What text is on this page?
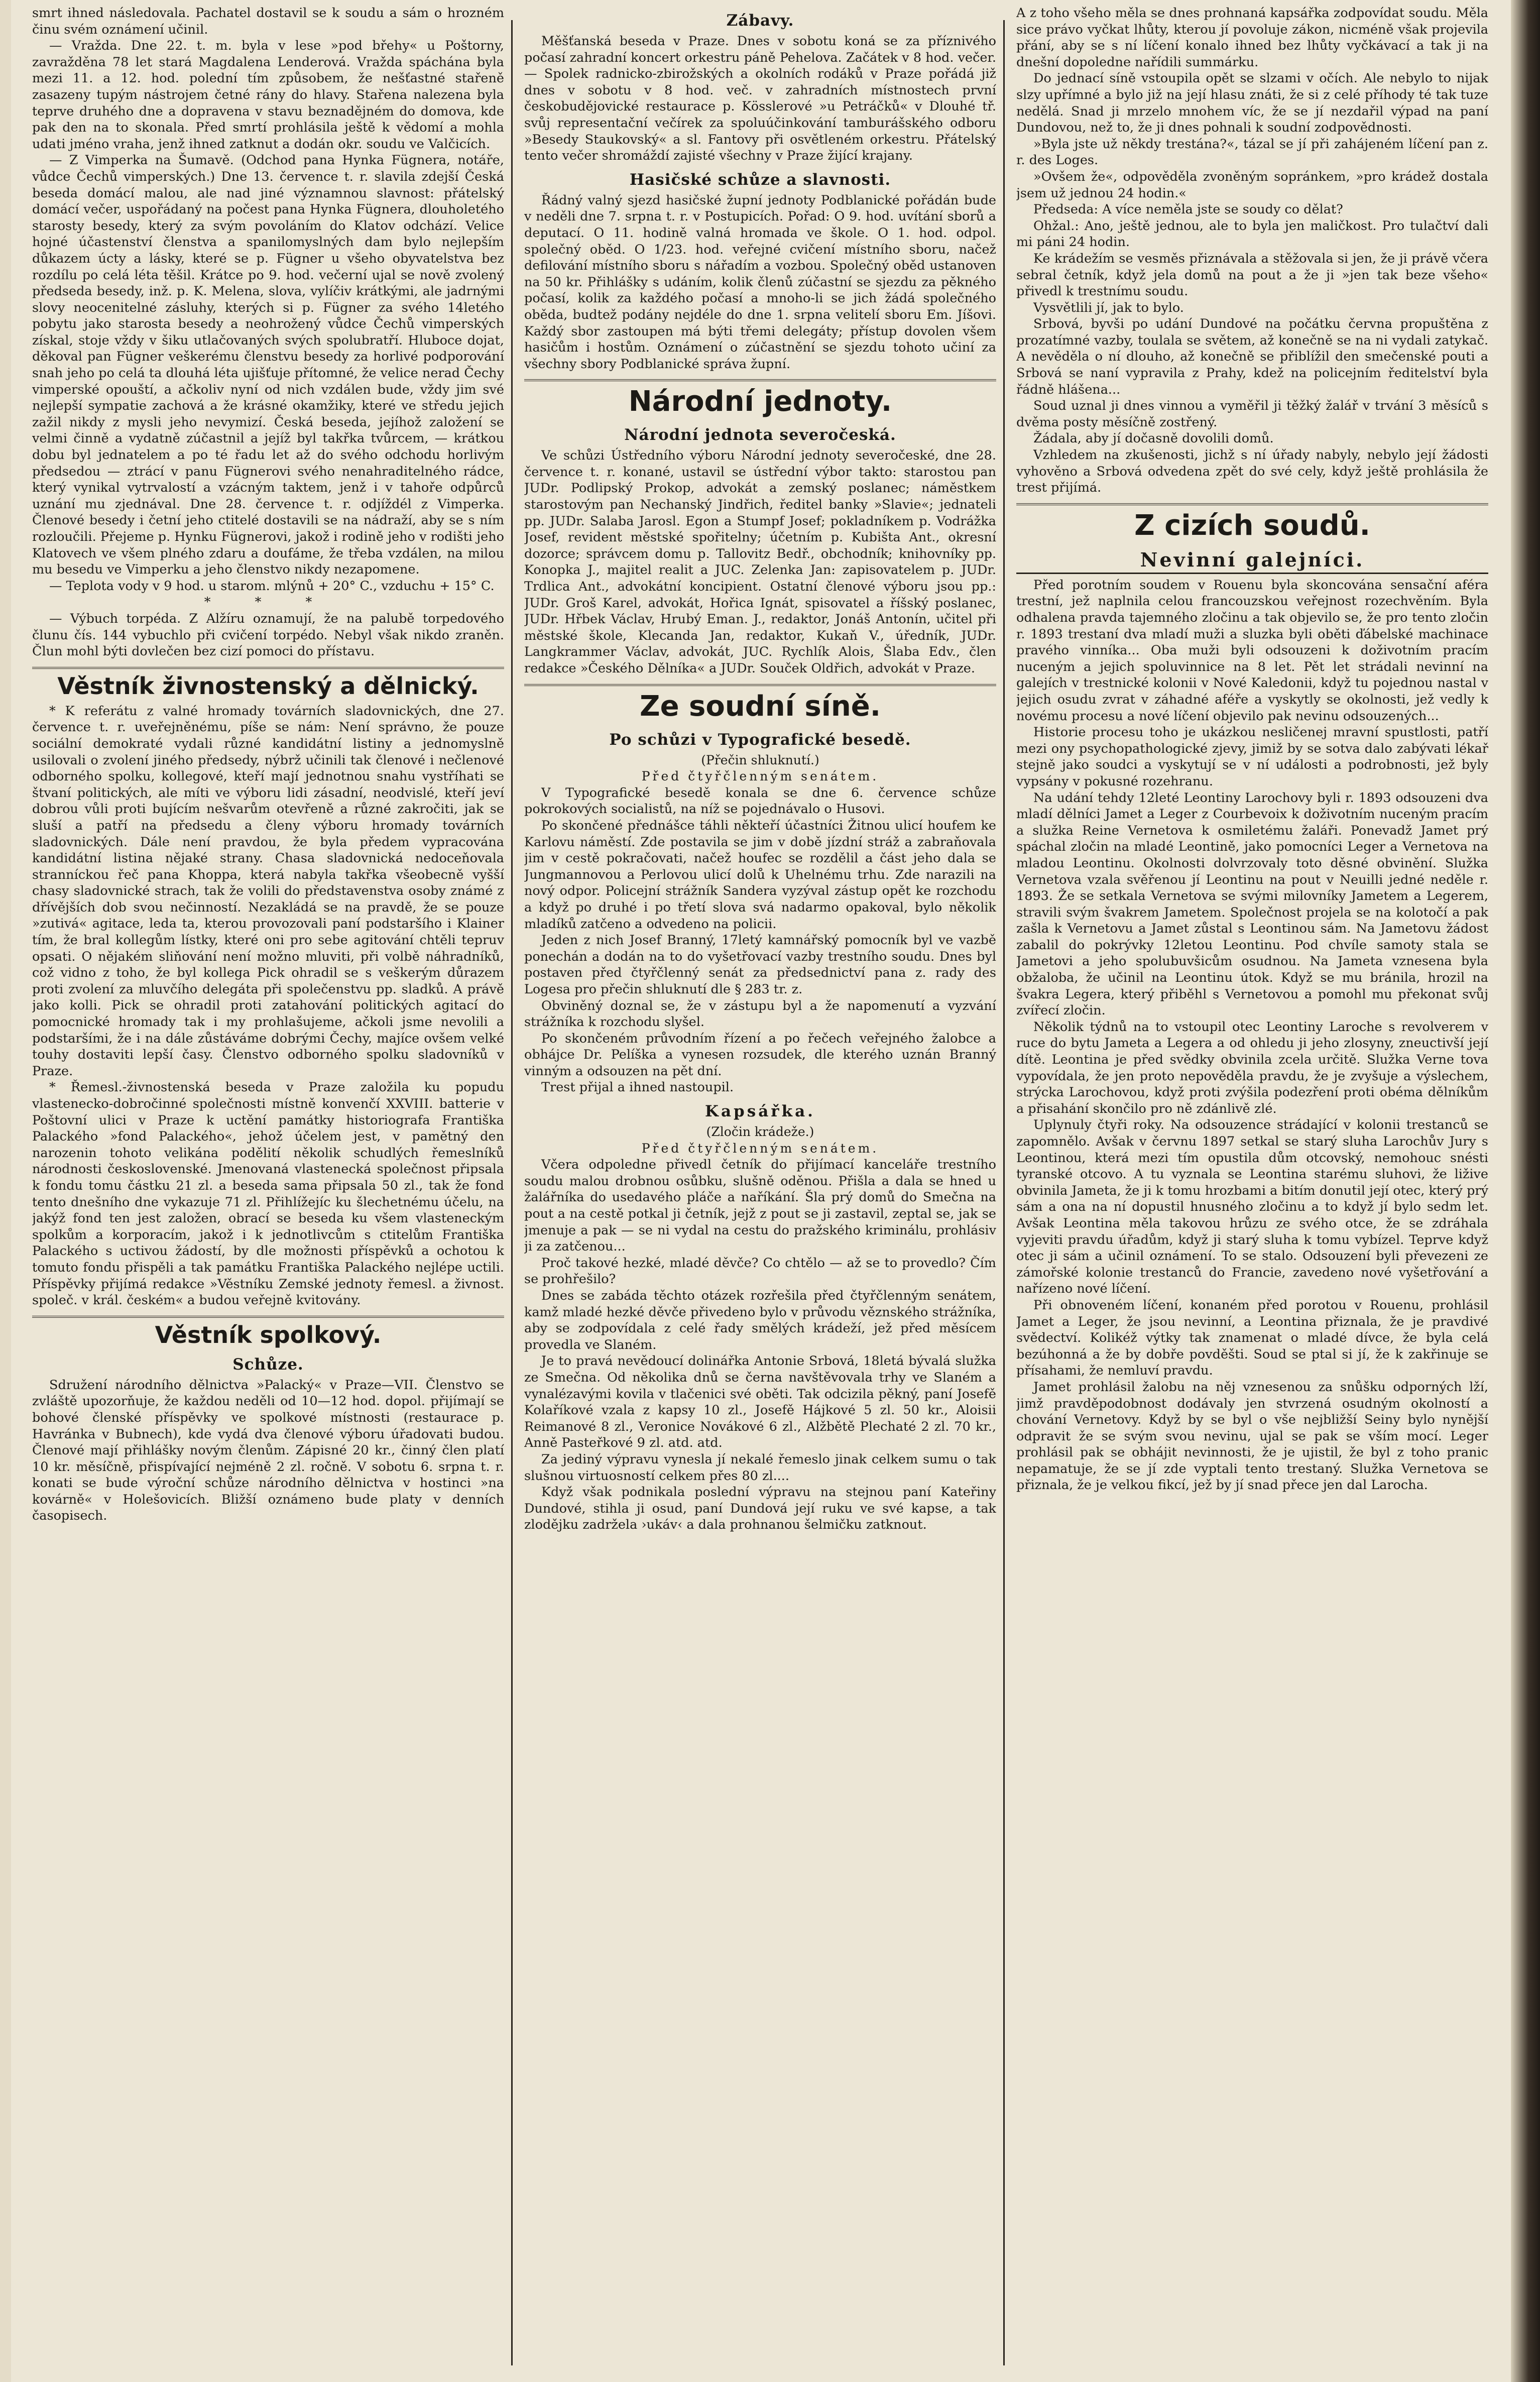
smrt ihned následovala. Pachatel dostavil se k soudu a sám o hrozném činu svém oznámení učinil.

— Vražda. Dne 22. t. m. byla v lese »pod břehy« u Poštorny, zavražděna 78 let stará Magdalena Lenderová. Vražda spáchána byla mezi 11. a 12. hod. polední tím způsobem, že nešťastné stařeně zasazeny tupým nástrojem četné rány do hlavy. Stařena nalezena byla teprve druhého dne a dopravena v stavu beznadějném do domova, kde pak den na to skonala. Před smrtí prohlásila ještě k vědomí a mohla udati jméno vraha, jenž ihned zatknut a dodán okr. soudu ve Valčicích.

— Z Vimperka na Šumavě. (Odchod pana Hynka Fügnera, notáře, vůdce Čechů vimperských.) Dne 13. července t. r. slavila zdejší Česká beseda domácí malou, ale nad jiné významnou slavnost: přátelský domácí večer, uspořádaný na počest pana Hynka Fügnera, dlouholetého starosty besedy, který za svým povoláním do Klatov odchází. Velice hojné účastenství členstva a spanilomyslných dam bylo nejlepším důkazem úcty a lásky, které se p. Fügner u všeho obyvatelstva bez rozdílu po celá léta těšil. Krátce po 9. hod. večerní ujal se nově zvolený předseda besedy, inž. p. K. Melena, slova, vylíčiv krátkými, ale jadrnými slovy neocenitelné zásluhy, kterých si p. Fügner za svého 14letého pobytu jako starosta besedy a neohrožený vůdce Čechů vimperských získal, stoje vždy v šiku utlačovaných svých spolubratří. Hluboce dojat, děkoval pan Fügner veškerému členstvu besedy za horlivé podporování snah jeho po celá ta dlouhá léta ujišťuje přítomné, že velice nerad Čechy vimperské opouští, a ačkoliv nyní od nich vzdálen bude, vždy jim své nejlepší sympatie zachová a že krásné okamžiky, které ve středu jejich zažil nikdy z mysli jeho nevymizí. Česká beseda, jejíhož založení se velmi činně a vydatně zúčastnil a jejíž byl takřka tvůrcem, — krátkou dobu byl jednatelem a po té řadu let až do svého odchodu horlivým předsedou — ztrácí v panu Fügnerovi svého nenahraditelného rádce, který vynikal vytrvalostí a vzácným taktem, jenž i v tahoře odpůrců uznání mu zjednával. Dne 28. července t. r. odjíždél z Vimperka. Členové besedy i četní jeho ctitelé dostavili se na nádraží, aby se s ním rozloučili. Přejeme p. Hynku Fügnerovi, jakož i rodině jeho v rodišti jeho Klatovech ve všem plného zdaru a doufáme, že třeba vzdálen, na milou mu besedu ve Vimperku a jeho členstvo nikdy nezapomene.

— Teplota vody v 9 hod. u starom. mlýnů + 20° C., vzduchu + 15° C.

* * *

— Výbuch torpéda. Z Alžíru oznamují, že na palubě torpedového člunu čís. 144 vybuchlo při cvičení torpédo. Nebyl však nikdo zraněn. Člun mohl býti dovlečen bez cizí pomoci do přístavu.

Věstník živnostenský a dělnický.

* K referátu z valné hromady továrních sladovnických, dne 27. července t. r. uveřejněnému, píše se nám: Není správno, že pouze sociální demokraté vydali různé kandidátní listiny a jednomyslně usilovali o zvolení jiného předsedy, nýbrž učinili tak členové i nečlenové odborného spolku, kollegové, kteří mají jednotnou snahu vystříhati se štvaní politických, ale míti ve výboru lidi zásadní, neodvislé, kteří jeví dobrou vůli proti bujícím nešvarům otevřeně a různé zakročiti, jak se sluší a patří na předsedu a členy výboru hromady továrních sladovnických. Dále není pravdou, že byla předem vypracována kandidátní listina nějaké strany. Chasa sladovnická nedoceňovala stranníckou řeč pana Khoppa, která nabyla takřka všeobecně vyšší chasy sladovnické strach, tak že volili do představenstva osoby známé z dřívějších dob svou nečinností. Nezakládá se na pravdě, že se pouze »zutivá« agitace, leda ta, kterou provozovali paní podstaršího i Klainer tím, že bral kollegům lístky, které oni pro sebe agitování chtěli tepruv opsati. O nějakém sliňování není možno mluviti, při volbě náhradníků, což vidno z toho, že byl kollega Pick ohradil se s veškerým důrazem proti zvolení za mluvčího delegáta při společenstvu pp. sladků. A právě jako kolli. Pick se ohradil proti zatahování politických agitací do pomocnické hromady tak i my prohlašujeme, ačkoli jsme nevolili a podstaršími, že i na dále zůstáváme dobrými Čechy, majíce ovšem velké touhy dostaviti lepší časy. Členstvo odborného spolku sladovníků v Praze.

* Řemesl.-živnostenská beseda v Praze založila ku popudu vlastenecko-dobročinné společnosti místně konvenčí XXVIII. batterie v Poštovní ulici v Praze k uctění památky historiografa Františka Palackého »fond Palackého«, jehož účelem jest, v pamětný den narozenin tohoto velikána podělití několik schudlých řemeslníků národnosti československé. Jmenovaná vlastenecká společnost připsala k fondu tomu částku 21 zl. a beseda sama připsala 50 zl., tak že fond tento dnešního dne vykazuje 71 zl. Přihlížejíc ku šlechetnému účelu, na jakýž fond ten jest založen, obrací se beseda ku všem vlasteneckým spolkům a korporacím, jakož i k jednotlivcům s ctitelům Františka Palackého s uctivou žádostí, by dle možnosti příspěvků a ochotou k tomuto fondu přispěli a tak památku Františka Palackého nejlépe uctili. Příspěvky přijímá redakce »Věstníku Zemské jednoty řemesl. a živnost. společ. v král. českém« a budou veřejně kvitovány.

Věstník spolkový.
Schůze.

Sdružení národního dělnictva »Palacký« v Praze—VII. Členstvo se zvláště upozorňuje, že každou neděli od 10—12 hod. dopol. přijímají se bohové členské příspěvky ve spolkové místnosti (restaurace p. Havránka v Bubnech), kde vydá dva členové výboru úřadovati budou. Členové mají přihlášky novým členům. Zápisné 20 kr., činný člen platí 10 kr. měsíčně, přispívající nejméně 2 zl. ročně. V sobotu 6. srpna t. r. konati se bude výroční schůze národního dělnictva v hostinci »na kovárně« v Holešovicích. Bližší oznámeno bude platy v denních časopisech.

Zábavy.

Měšťanská beseda v Praze. Dnes v sobotu koná se za příznivého počasí zahradní koncert orkestru páně Pehelova. Začátek v 8 hod. večer. — Spolek radnicko-zbirožských a okolních rodáků v Praze pořádá již dnes v sobotu v 8 hod. več. v zahradních místnostech první českobudějovické restaurace p. Kösslerové »u Petráčků« v Dlouhé tř. svůj representační večírek za spoluúčinkování tamburášského odboru »Besedy Staukovský« a sl. Fantovy při osvětleném orkestru. Přátelský tento večer shromáždí zajisté všechny v Praze žijící krajany.

Hasičské schůze a slavnosti.

Řádný valný sjezd hasičské župní jednoty Podblanické pořádán bude v neděli dne 7. srpna t. r. v Postupicích. Pořad: O 9. hod. uvítání sborů a deputací. O 11. hodině valná hromada ve škole. O 1. hod. odpol. společný oběd. O 1/23. hod. veřejné cvičení místního sboru, načež defilování místního sboru s nářadím a vozbou. Společný oběd ustanoven na 50 kr. Přihlášky s udáním, kolik členů zúčastní se sjezdu za pěkného počasí, kolik za každého počasí a mnoho-li se jich žádá společného oběda, budtež podány nejdéle do dne 1. srpna velitelí sboru Em. Jíšovi. Každý sbor zastoupen má býti třemi delegáty; přístup dovolen všem hasičům i hostům. Oznámení o zúčastnění se sjezdu tohoto učiní za všechny sbory Podblanické správa župní.

Národní jednoty.
Národní jednota severočeská.

Ve schůzi Ústředního výboru Národní jednoty severočeské, dne 28. července t. r. konané, ustavil se ústřední výbor takto: starostou pan JUDr. Podlipský Prokop, advokát a zemský poslanec; náměstkem starostovým pan Nechanský Jindřich, ředitel banky »Slavie«; jednateli pp. JUDr. Salaba Jarosl. Egon a Stumpf Josef; pokladníkem p. Vodrážka Josef, revident městské spořitelny; účetním p. Kubišta Ant., okresní dozorce; správcem domu p. Tallovitz Bedř., obchodník; knihovníky pp. Konopka J., majitel realit a JUC. Zelenka Jan: zapisovatelem p. JUDr. Trdlica Ant., advokátní koncipient. Ostatní členové výboru jsou pp.: JUDr. Groš Karel, advokát, Hořica Ignát, spisovatel a říšský poslanec, JUDr. Hřbek Václav, Hrubý Eman. J., redaktor, Jonáš Antonín, učitel při městské škole, Klecanda Jan, redaktor, Kukaň V., úředník, JUDr. Langkrammer Václav, advokát, JUC. Rychlík Alois, Šlaba Edv., člen redakce »Českého Dělníka« a JUDr. Souček Oldřich, advokát v Praze.

Ze soudní síně.
Po schůzi v Typografické besedě.

(Přečin shluknutí.)

Před čtyřčlenným senátem.

V Typografické besedě konala se dne 6. července schůze pokrokových socialistů, na níž se pojednávalo o Husovi.

Po skončené přednášce táhli někteří účastníci Žitnou ulicí houfem ke Karlovu náměstí. Zde postavila se jim v době jízdní stráž a zabraňovala jim v cestě pokračovati, načež houfec se rozdělil a část jeho dala se Jungmannovou a Perlovou ulicí dolů k Uhelnému trhu. Zde narazili na nový odpor. Policejní strážník Sandera vyzýval zástup opět ke rozchodu a když po druhé i po třetí slova svá nadarmo opakoval, bylo několik mladíků zatčeno a odvedeno na policii.

Jeden z nich Josef Branný, 17letý kamnářský pomocník byl ve vazbě ponechán a dodán na to do vyšetřovací vazby trestního soudu. Dnes byl postaven před čtyřčlenný senát za předsednictví pana z. rady des Logesa pro přečin shluknutí dle § 283 tr. z.

Obviněný doznal se, že v zástupu byl a že napomenutí a vyzvání strážníka k rozchodu slyšel.

Po skončeném průvodním řízení a po řečech veřejného žalobce a obhájce Dr. Pelíška a vynesen rozsudek, dle kterého uznán Branný vinným a odsouzen na pět dní.

Trest přijal a ihned nastoupil.

Kapsářka.

(Zločin krádeže.)

Před čtyřčlenným senátem.

Včera odpoledne přivedl četník do přijímací kanceláře trestního soudu malou drobnou osůbku, slušně oděnou. Přišla a dala se hned u žalářníka do usedavého pláče a naříkání. Šla prý domů do Smečna na pout a na cestě potkal ji četník, jejž z pout se ji zastavil, zeptal se, jak se jmenuje a pak — se ni vydal na cestu do pražského kriminálu, prohlásiv ji za zatčenou...

Proč takové hezké, mladé děvče? Co chtělo — až se to provedlo? Čím se prohřešilo?

Dnes se zabáda těchto otázek rozřešila před čtyřčlenným senátem, kamž mladé hezké děvče přivedeno bylo v průvodu věznského strážníka, aby se zodpovídala z celé řady smělých krádeží, jež před měsícem provedla ve Slaném.

Je to pravá nevědoucí dolinářka Antonie Srbová, 18letá bývalá služka ze Smečna. Od několika dnů se černa navštěvovala trhy ve Slaném a vynalézavými kovila v tlačenici své oběti. Tak odcizila pěkný, paní Josefě Kolaříkové vzala z kapsy 10 zl., Josefě Hájkové 5 zl. 50 kr., Aloisii Reimanové 8 zl., Veronice Novákové 6 zl., Alžbětě Plechaté 2 zl. 70 kr., Anně Pasteřkové 9 zl. atd. atd.

Za jediný výpravu vynesla jí nekalé řemeslo jinak celkem sumu o tak slušnou virtuosností celkem přes 80 zl....

Když však podnikala poslední výpravu na stejnou paní Kateřiny Dundové, stihla ji osud, paní Dundová její ruku ve své kapse, a tak zlodějku zadržela ›ukáv‹ a dala prohnanou šelmičku zatknout.

A z toho všeho měla se dnes prohnaná kapsářka zodpovídat soudu. Měla sice právo vyčkat lhůty, kterou jí povoluje zákon, nicméně však projevila přání, aby se s ní líčení konalo ihned bez lhůty vyčkávací a tak ji na dnešní dopoledne nařídili summárku.

Do jednací síně vstoupila opět se slzami v očích. Ale nebylo to nijak slzy upřímné a bylo již na její hlasu znáti, že si z celé příhody té tak tuze nedělá. Snad ji mrzelo mnohem víc, že se jí nezdařil výpad na paní Dundovou, než to, že ji dnes pohnali k soudní zodpovědnosti.

»Byla jste už někdy trestána?«, tázal se jí při zahájeném líčení pan z. r. des Loges.

»Ovšem že«, odpověděla zvoněným sopránkem, »pro krádež dostala jsem už jednou 24 hodin.«

Předseda: A více neměla jste se soudy co dělat?

Ohžal.: Ano, ještě jednou, ale to byla jen maličkost. Pro tulačtví dali mi páni 24 hodin.

Ke krádežím se vesměs přiznávala a stěžovala si jen, že ji právě včera sebral četník, když jela domů na pout a že ji »jen tak beze všeho« přivedl k trestnímu soudu.

Vysvětlili jí, jak to bylo.

Srbová, byvši po udání Dundové na počátku června propuštěna z prozatímné vazby, toulala se světem, až konečně se na ni vydali zatykač. A nevěděla o ní dlouho, až konečně se přiblížil den smečenské pouti a Srbová se naní vypravila z Prahy, kdež na policejním ředitelství byla řádně hlášena...

Soud uznal ji dnes vinnou a vyměřil ji těžký žalář v trvání 3 měsíců s dvěma posty měsíčně zostřený.

Žádala, aby jí dočasně dovolili domů.

Vzhledem na zkušenosti, jichž s ní úřady nabyly, nebylo její žádosti vyhověno a Srbová odvedena zpět do své cely, když ještě prohlásila že trest přijímá.

Z cizích soudů.
Nevinní galejníci.

Před porotním soudem v Rouenu byla skoncována sensační aféra trestní, jež naplnila celou francouzskou veřejnost rozechvěním. Byla odhalena pravda tajemného zločinu a tak objevilo se, že pro tento zločin r. 1893 trestaní dva mladí muži a sluzka byli oběti ďábelské machinace pravého vinníka... Oba muži byli odsouzeni k doživotním pracím nuceným a jejich spoluvinnice na 8 let. Pět let strádali nevinní na galejích v trestnické kolonii v Nové Kaledonii, když tu pojednou nastal v jejich osudu zvrat v záhadné aféře a vyskytly se okolnosti, jež vedly k novému procesu a nové líčení objevilo pak nevinu odsouzených...

Historie procesu toho je ukázkou nesličenej mravní spustlosti, patří mezi ony psychopathologické zjevy, jimiž by se sotva dalo zabývati lékař stejně jako soudci a vyskytují se v ní události a podrobnosti, jež byly vypsány v pokusné rozehranu.

Na udání tehdy 12leté Leontiny Larochovy byli r. 1893 odsouzeni dva mladí dělníci Jamet a Leger z Courbevoix k doživotním nuceným pracím a služka Reine Vernetova k osmiletému žaláři. Ponevadž Jamet prý spáchal zločin na mladé Leontině, jako pomocníci Leger a Vernetova na mladou Leontinu. Okolnosti dolvrzovaly toto děsné obvinění. Služka Vernetova vzala svěřenou jí Leontinu na pout v Neuilli jedné neděle r. 1893. Že se setkala Vernetova se svými milovníky Jametem a Legerem, stravili svým švakrem Jametem. Společnost projela se na kolotočí a pak zašla k Vernetovu a Jamet zůstal s Leontinou sám. Na Jametovu žádost zabalil do pokrývky 12letou Leontinu. Pod chvíle samoty stala se Jametovi a jeho spolubuvšicům osudnou. Na Jameta vznesena byla obžaloba, že učinil na Leontinu útok. Když se mu bránila, hrozil na švakra Legera, který přiběhl s Vernetovou a pomohl mu překonat svůj zvířecí zločin.

Několik týdnů na to vstoupil otec Leontiny Laroche s revolverem v ruce do bytu Jameta a Legera a od ohledu ji jeho zlosyny, zneuctivší její dítě. Leontina je před svědky obvinila zcela určitě. Služka Verne tova vypovídala, že jen proto nepověděla pravdu, že je zvyšuje a výslechem, strýcka Larochovou, když proti zvýšila podezření proti obéma dělníkům a přisahání skončilo pro ně zdánlivě zlé.

Uplynuly čtyři roky. Na odsouzence strádající v kolonii trestanců se zapomnělo. Avšak v červnu 1897 setkal se starý sluha Larochův Jury s Leontinou, která mezi tím opustila dům otcovský, nemohouc snésti tyranské otcovo. A tu vyznala se Leontina starému sluhovi, že ližive obvinila Jameta, že ji k tomu hrozbami a bitím donutil její otec, který prý sám a ona na ní dopustil hnusného zločinu a to když jí bylo sedm let. Avšak Leontina měla takovou hrůzu ze svého otce, že se zdráhala vyjeviti pravdu úřadům, když ji starý sluha k tomu vybízel. Teprve když otec ji sám a učinil oznámení. To se stalo. Odsouzení byli převezeni ze zámořské kolonie trestanců do Francie, zavedeno nové vyšetřování a nařízeno nové líčení.

Při obnoveném líčení, konaném před porotou v Rouenu, prohlásil Jamet a Leger, že jsou nevinní, a Leontina přiznala, že je pravdivé svědectví. Kolikéž výtky tak znamenat o mladé dívce, že byla celá bezúhonná a že by dobře povděšti. Soud se ptal si jí, že k zakřinuje se přísahami, že nemluví pravdu.

Jamet prohlásil žalobu na něj vznesenou za snůšku odporných lží, jimž pravděpodobnost dodávaly jen stvrzená osudným okolností a chování Vernetovy. Když by se byl o vše nejbližší Seiny bylo nynější odpravit že se svým svou nevinu, ujal se pak se vším mocí. Leger prohlásil pak se obhájit nevinnosti, že je ujistil, že byl z toho pranic nepamatuje, že se jí zde vyptali tento trestaný. Služka Vernetova se přiznala, že je velkou fikcí, jež by jí snad přece jen dal Larocha.
